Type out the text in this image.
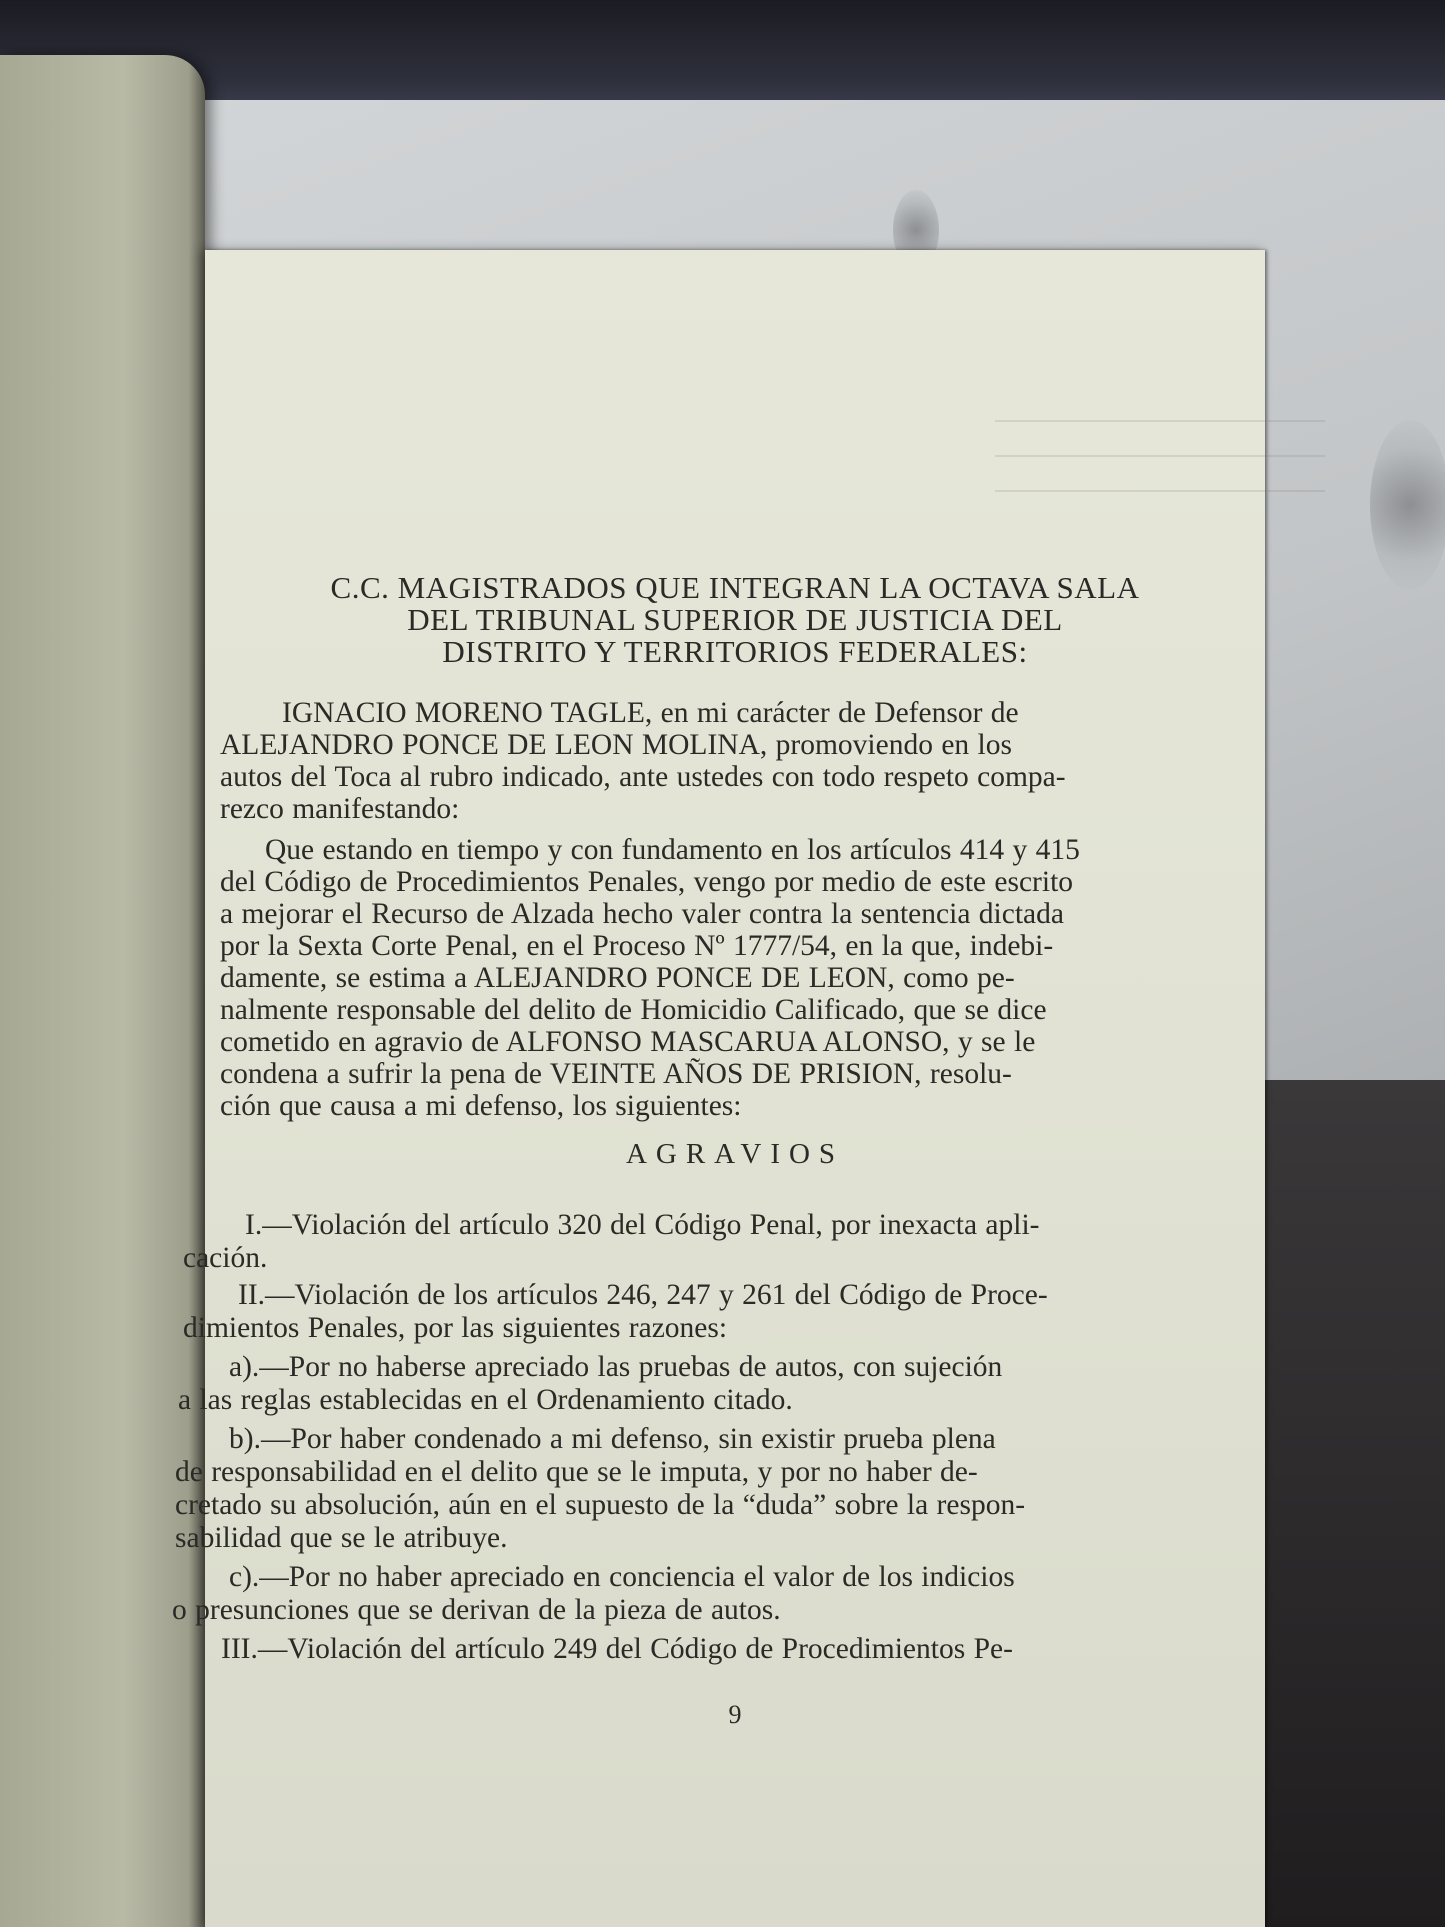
C.C. MAGISTRADOS QUE INTEGRAN LA OCTAVA SALA
DEL TRIBUNAL SUPERIOR DE JUSTICIA DEL
DISTRITO Y TERRITORIOS FEDERALES:
IGNACIO MORENO TAGLE, en mi carácter de Defensor de
ALEJANDRO PONCE DE LEON MOLINA, promoviendo en los
autos del Toca al rubro indicado, ante ustedes con todo respeto compa-
rezco manifestando:
Que estando en tiempo y con fundamento en los artículos 414 y 415
del Código de Procedimientos Penales, vengo por medio de este escrito
a mejorar el Recurso de Alzada hecho valer contra la sentencia dictada
por la Sexta Corte Penal, en el Proceso Nº 1777/54, en la que, indebi-
damente, se estima a ALEJANDRO PONCE DE LEON, como pe-
nalmente responsable del delito de Homicidio Calificado, que se dice
cometido en agravio de ALFONSO MASCARUA ALONSO, y se le
condena a sufrir la pena de VEINTE AÑOS DE PRISION, resolu-
ción que causa a mi defenso, los siguientes:
AGRAVIOS
I.—Violación del artículo 320 del Código Penal, por inexacta apli-
cación.
II.—Violación de los artículos 246, 247 y 261 del Código de Proce-
dimientos Penales, por las siguientes razones:
a).—Por no haberse apreciado las pruebas de autos, con sujeción
a las reglas establecidas en el Ordenamiento citado.
b).—Por haber condenado a mi defenso, sin existir prueba plena
de responsabilidad en el delito que se le imputa, y por no haber de-
cretado su absolución, aún en el supuesto de la “duda” sobre la respon-
sabilidad que se le atribuye.
c).—Por no haber apreciado en conciencia el valor de los indicios
o presunciones que se derivan de la pieza de autos.
III.—Violación del artículo 249 del Código de Procedimientos Pe-
9
